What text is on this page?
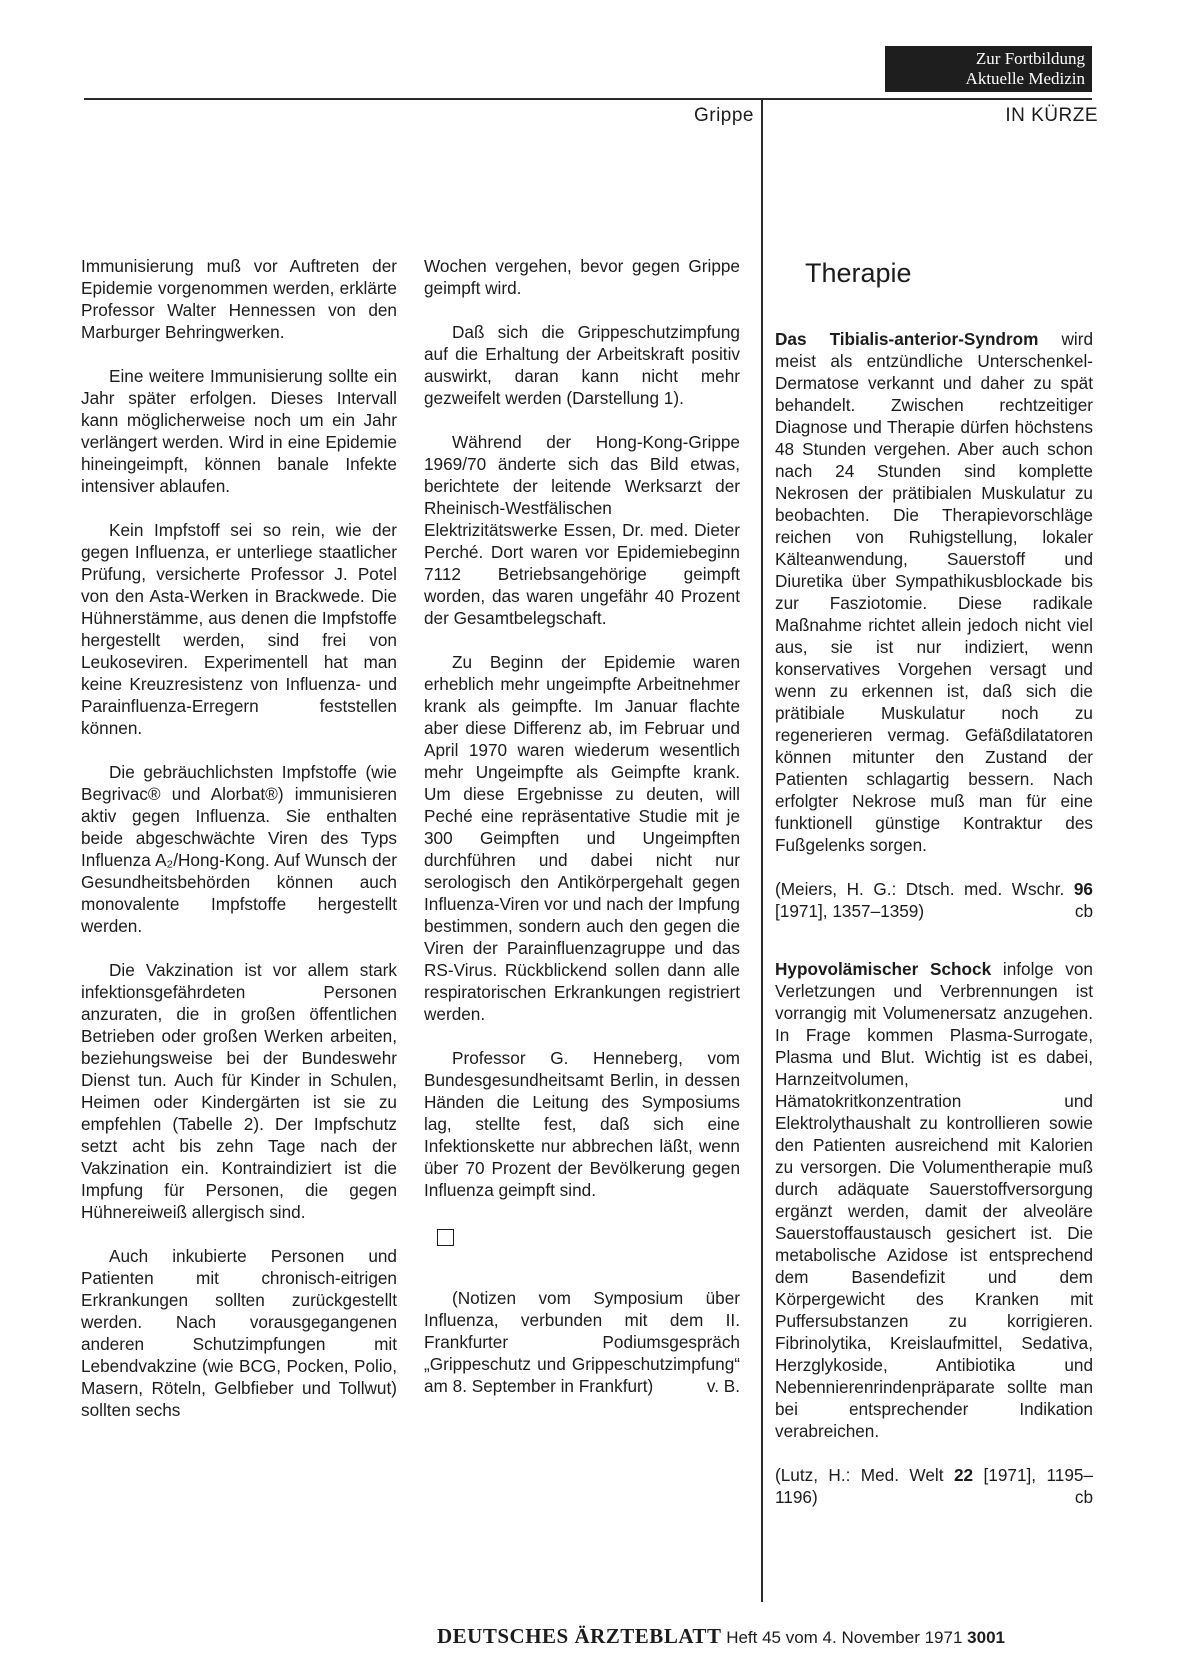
Zur Fortbildung
Aktuelle Medizin
Grippe	IN KÜRZE

Immunisierung muß vor Auftreten der Epidemie vorgenommen werden, erklärte Professor Walter Hennessen von den Marburger Behringwerken.

Eine weitere Immunisierung sollte ein Jahr später erfolgen. Dieses Intervall kann möglicherweise noch um ein Jahr verlängert werden. Wird in eine Epidemie hineingeimpft, können banale Infekte intensiver ablaufen.

Kein Impfstoff sei so rein, wie der gegen Influenza, er unterliege staatlicher Prüfung, versicherte Professor J. Potel von den Asta-Werken in Brackwede. Die Hühnerstämme, aus denen die Impfstoffe hergestellt werden, sind frei von Leukoseviren. Experimentell hat man keine Kreuzresistenz von Influenza- und Parainfluenza-Erregern feststellen können.

Die gebräuchlichsten Impfstoffe (wie Begrivac® und Alorbat®) immunisieren aktiv gegen Influenza. Sie enthalten beide abgeschwächte Viren des Typs Influenza A₂/Hong-Kong. Auf Wunsch der Gesundheitsbehörden können auch monovalente Impfstoffe hergestellt werden.

Die Vakzination ist vor allem stark infektionsgefährdeten Personen anzuraten, die in großen öffentlichen Betrieben oder großen Werken arbeiten, beziehungsweise bei der Bundeswehr Dienst tun. Auch für Kinder in Schulen, Heimen oder Kindergärten ist sie zu empfehlen (Tabelle 2). Der Impfschutz setzt acht bis zehn Tage nach der Vakzination ein. Kontraindiziert ist die Impfung für Personen, die gegen Hühnereiweiß allergisch sind.

Auch inkubierte Personen und Patienten mit chronisch-eitrigen Erkrankungen sollten zurückgestellt werden. Nach vorausgegangenen anderen Schutzimpfungen mit Lebendvakzine (wie BCG, Pocken, Polio, Masern, Röteln, Gelbfieber und Tollwut) sollten sechs

Wochen vergehen, bevor gegen Grippe geimpft wird.

Daß sich die Grippeschutzimpfung auf die Erhaltung der Arbeitskraft positiv auswirkt, daran kann nicht mehr gezweifelt werden (Darstellung 1).

Während der Hong-Kong-Grippe 1969/70 änderte sich das Bild etwas, berichtete der leitende Werksarzt der Rheinisch-Westfälischen Elektrizitätswerke Essen, Dr. med. Dieter Perché. Dort waren vor Epidemiebeginn 7112 Betriebsangehörige geimpft worden, das waren ungefähr 40 Prozent der Gesamtbelegschaft.

Zu Beginn der Epidemie waren erheblich mehr ungeimpfte Arbeitnehmer krank als geimpfte. Im Januar flachte aber diese Differenz ab, im Februar und April 1970 waren wiederum wesentlich mehr Ungeimpfte als Geimpfte krank. Um diese Ergebnisse zu deuten, will Peché eine repräsentative Studie mit je 300 Geimpften und Ungeimpften durchführen und dabei nicht nur serologisch den Antikörpergehalt gegen Influenza-Viren vor und nach der Impfung bestimmen, sondern auch den gegen die Viren der Parainfluenzagruppe und das RS-Virus. Rückblickend sollen dann alle respiratorischen Erkrankungen registriert werden.

Professor G. Henneberg, vom Bundesgesundheitsamt Berlin, in dessen Händen die Leitung des Symposiums lag, stellte fest, daß sich eine Infektionskette nur abbrechen läßt, wenn über 70 Prozent der Bevölkerung gegen Influenza geimpft sind.

(Notizen vom Symposium über Influenza, verbunden mit dem II. Frankfurter Podiumsgespräch „Grippeschutz und Grippeschutzimpfung“ am 8. September in Frankfurt)	v. B.

Therapie

Das Tibialis-anterior-Syndrom wird meist als entzündliche Unterschenkel-Dermatose verkannt und daher zu spät behandelt. Zwischen rechtzeitiger Diagnose und Therapie dürfen höchstens 48 Stunden vergehen. Aber auch schon nach 24 Stunden sind komplette Nekrosen der prätibialen Muskulatur zu beobachten. Die Therapievorschläge reichen von Ruhigstellung, lokaler Kälteanwendung, Sauerstoff und Diuretika über Sympathikusblockade bis zur Fasziotomie. Diese radikale Maßnahme richtet allein jedoch nicht viel aus, sie ist nur indiziert, wenn konservatives Vorgehen versagt und wenn zu erkennen ist, daß sich die prätibiale Muskulatur noch zu regenerieren vermag. Gefäßdilatatoren können mitunter den Zustand der Patienten schlagartig bessern. Nach erfolgter Nekrose muß man für eine funktionell günstige Kontraktur des Fußgelenks sorgen.

(Meiers, H. G.: Dtsch. med. Wschr. 96 [1971], 1357–1359)	cb

Hypovolämischer Schock infolge von Verletzungen und Verbrennungen ist vorrangig mit Volumenersatz anzugehen. In Frage kommen Plasma-Surrogate, Plasma und Blut. Wichtig ist es dabei, Harnzeitvolumen, Hämatokritkonzentration und Elektrolythaushalt zu kontrollieren sowie den Patienten ausreichend mit Kalorien zu versorgen. Die Volumentherapie muß durch adäquate Sauerstoffversorgung ergänzt werden, damit der alveoläre Sauerstoffaustausch gesichert ist. Die metabolische Azidose ist entsprechend dem Basendefizit und dem Körpergewicht des Kranken mit Puffersubstanzen zu korrigieren. Fibrinolytika, Kreislaufmittel, Sedativa, Herzglykoside, Antibiotika und Nebennierenrindenpräparate sollte man bei entsprechender Indikation verabreichen.

(Lutz, H.: Med. Welt 22 [1971], 1195–1196)	cb

DEUTSCHES ÄRZTEBLATT Heft 45 vom 4. November 1971 3001
